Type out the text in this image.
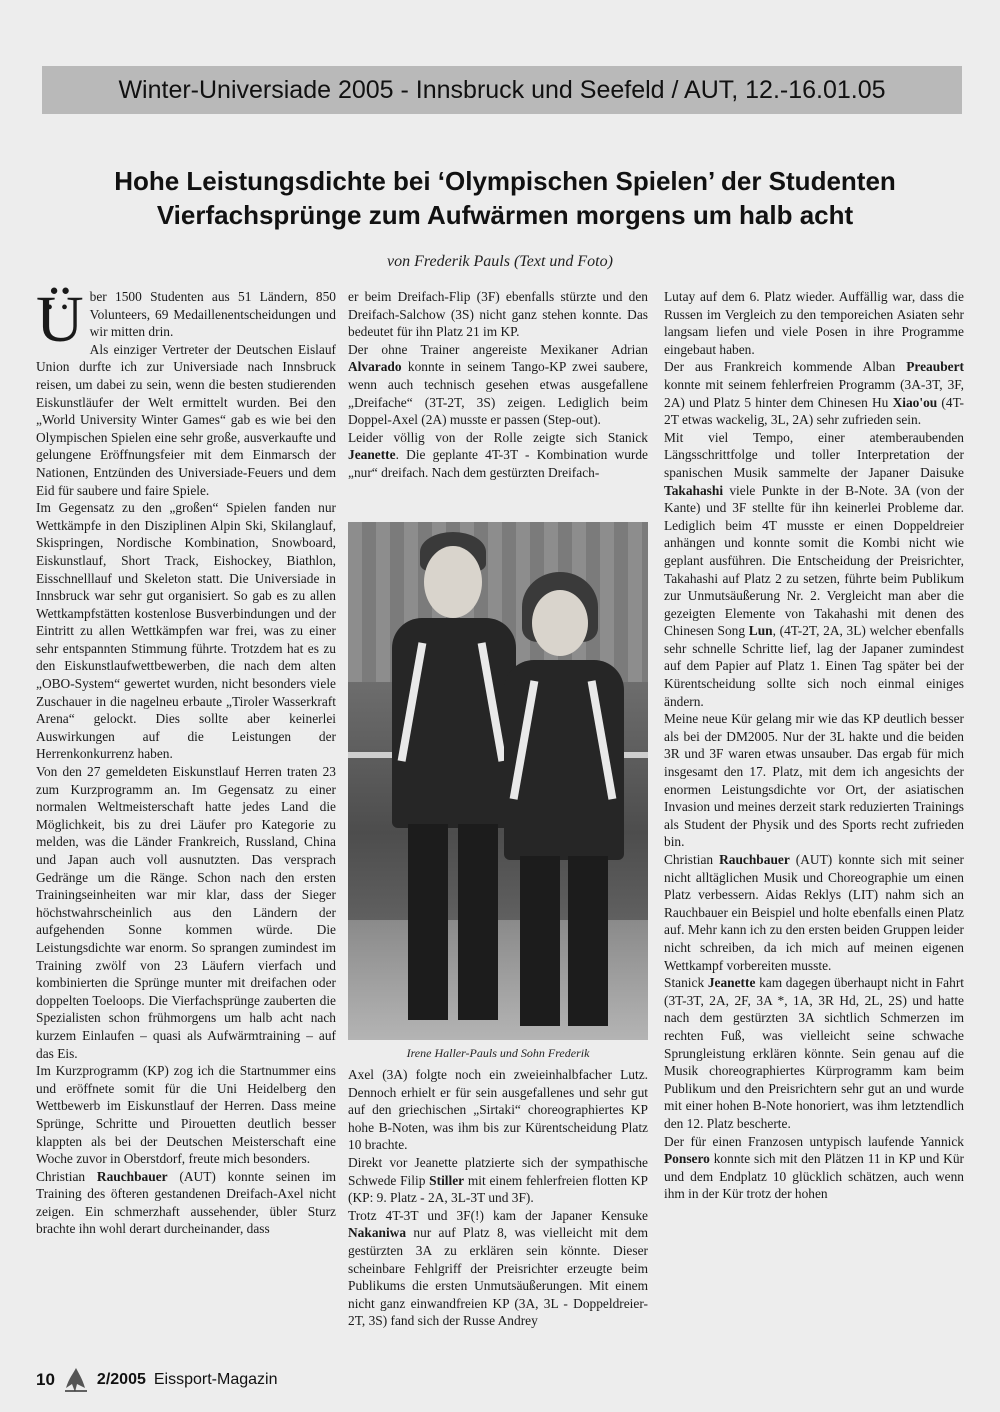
Winter-Universiade 2005 - Innsbruck und Seefeld / AUT, 12.-16.01.05
Hohe Leistungsdichte bei ‘Olympischen Spielen’ der Studenten
Vierfachsprünge zum Aufwärmen morgens um halb acht
von Frederik Pauls (Text und Foto)

• • Über 1500 Studenten aus 51 Ländern, 850 Volunteers, 69 Medaillenentscheidungen und wir mitten drin.

Als einziger Vertreter der Deutschen Eislauf Union durfte ich zur Universiade nach Innsbruck reisen, um dabei zu sein, wenn die besten studierenden Eiskunstläufer der Welt ermittelt wurden. Bei den „World University Winter Games“ gab es wie bei den Olympischen Spielen eine sehr große, ausverkaufte und gelungene Eröffnungsfeier mit dem Einmarsch der Nationen, Entzünden des Universiade-Feuers und dem Eid für saubere und faire Spiele.

Im Gegensatz zu den „großen“ Spielen fanden nur Wettkämpfe in den Disziplinen Alpin Ski, Skilanglauf, Skispringen, Nordische Kombination, Snowboard, Eiskunstlauf, Short Track, Eishockey, Biathlon, Eisschnelllauf und Skeleton statt. Die Universiade in Innsbruck war sehr gut organisiert. So gab es zu allen Wettkampfstätten kostenlose Busverbindungen und der Eintritt zu allen Wettkämpfen war frei, was zu einer sehr entspannten Stimmung führte. Trotzdem hat es zu den Eiskunstlaufwettbewerben, die nach dem alten „OBO-System“ gewertet wurden, nicht besonders viele Zuschauer in die nagelneu erbaute „Tiroler Wasserkraft Arena“ gelockt. Dies sollte aber keinerlei Auswirkungen auf die Leistungen der Herrenkonkurrenz haben.

Von den 27 gemeldeten Eiskunstlauf Herren traten 23 zum Kurzprogramm an. Im Gegensatz zu einer normalen Weltmeisterschaft hatte jedes Land die Möglichkeit, bis zu drei Läufer pro Kategorie zu melden, was die Länder Frankreich, Russland, China und Japan auch voll ausnutzten. Das versprach Gedränge um die Ränge. Schon nach den ersten Trainingseinheiten war mir klar, dass der Sieger höchstwahrscheinlich aus den Ländern der aufgehenden Sonne kommen würde. Die Leistungsdichte war enorm. So sprangen zumindest im Training zwölf von 23 Läufern vierfach und kombinierten die Sprünge munter mit dreifachen oder doppelten Toeloops. Die Vierfachsprünge zauberten die Spezialisten schon frühmorgens um halb acht nach kurzem Einlaufen – quasi als Aufwärmtraining – auf das Eis.

Im Kurzprogramm (KP) zog ich die Startnummer eins und eröffnete somit für die Uni Heidelberg den Wettbewerb im Eiskunstlauf der Herren. Dass meine Sprünge, Schritte und Pirouetten deutlich besser klappten als bei der Deutschen Meisterschaft eine Woche zuvor in Oberstdorf, freute mich besonders.

Christian Rauchbauer (AUT) konnte seinen im Training des öfteren gestandenen Dreifach-Axel nicht zeigen. Ein schmerzhaft aussehender, übler Sturz brachte ihn wohl derart durcheinander, dass

er beim Dreifach-Flip (3F) ebenfalls stürzte und den Dreifach-Salchow (3S) nicht ganz stehen konnte. Das bedeutet für ihn Platz 21 im KP.

Der ohne Trainer angereiste Mexikaner Adrian Alvarado konnte in seinem Tango-KP zwei saubere, wenn auch technisch gesehen etwas ausgefallene „Dreifache“ (3T-2T, 3S) zeigen. Lediglich beim Doppel-Axel (2A) musste er passen (Step-out).

Leider völlig von der Rolle zeigte sich Stanick Jeanette. Die geplante 4T-3T - Kombination wurde „nur“ dreifach. Nach dem gestürzten Dreifach-

Irene Haller-Pauls und Sohn Frederik

Axel (3A) folgte noch ein zweieinhalbfacher Lutz. Dennoch erhielt er für sein ausgefallenes und sehr gut auf den griechischen „Sirtaki“ choreographiertes KP hohe B-Noten, was ihm bis zur Kürentscheidung Platz 10 brachte.

Direkt vor Jeanette platzierte sich der sympathische Schwede Filip Stiller mit einem fehlerfreien flotten KP (KP: 9. Platz - 2A, 3L-3T und 3F).

Trotz 4T-3T und 3F(!) kam der Japaner Kensuke Nakaniwa nur auf Platz 8, was vielleicht mit dem gestürzten 3A zu erklären sein könnte. Dieser scheinbare Fehlgriff der Preisrichter erzeugte beim Publikums die ersten Unmutsäußerungen. Mit einem nicht ganz einwandfreien KP (3A, 3L - Doppeldreier- 2T, 3S) fand sich der Russe Andrey

Lutay auf dem 6. Platz wieder. Auffällig war, dass die Russen im Vergleich zu den temporeichen Asiaten sehr langsam liefen und viele Posen in ihre Programme eingebaut haben.

Der aus Frankreich kommende Alban Preaubert konnte mit seinem fehlerfreien Programm (3A-3T, 3F, 2A) und Platz 5 hinter dem Chinesen Hu Xiao'ou (4T-2T etwas wackelig, 3L, 2A) sehr zufrieden sein.

Mit viel Tempo, einer atemberaubenden Längsschrittfolge und toller Interpretation der spanischen Musik sammelte der Japaner Daisuke Takahashi viele Punkte in der B-Note. 3A (von der Kante) und 3F stellte für ihn keinerlei Probleme dar. Lediglich beim 4T musste er einen Doppeldreier anhängen und konnte somit die Kombi nicht wie geplant ausführen. Die Entscheidung der Preisrichter, Takahashi auf Platz 2 zu setzen, führte beim Publikum zur Unmutsäußerung Nr. 2. Vergleicht man aber die gezeigten Elemente von Takahashi mit denen des Chinesen Song Lun, (4T-2T, 2A, 3L) welcher ebenfalls sehr schnelle Schritte lief, lag der Japaner zumindest auf dem Papier auf Platz 1. Einen Tag später bei der Kürentscheidung sollte sich noch einmal einiges ändern.

Meine neue Kür gelang mir wie das KP deutlich besser als bei der DM2005. Nur der 3L hakte und die beiden 3R und 3F waren etwas unsauber. Das ergab für mich insgesamt den 17. Platz, mit dem ich angesichts der enormen Leistungsdichte vor Ort, der asiatischen Invasion und meines derzeit stark reduzierten Trainings als Student der Physik und des Sports recht zufrieden bin.

Christian Rauchbauer (AUT) konnte sich mit seiner nicht alltäglichen Musik und Choreographie um einen Platz verbessern. Aidas Reklys (LIT) nahm sich an Rauchbauer ein Beispiel und holte ebenfalls einen Platz auf. Mehr kann ich zu den ersten beiden Gruppen leider nicht schreiben, da ich mich auf meinen eigenen Wettkampf vorbereiten musste.

Stanick Jeanette kam dagegen überhaupt nicht in Fahrt (3T-3T, 2A, 2F, 3A *, 1A, 3R Hd, 2L, 2S) und hatte nach dem gestürzten 3A sichtlich Schmerzen im rechten Fuß, was vielleicht seine schwache Sprungleistung erklären könnte. Sein genau auf die Musik choreographiertes Kürprogramm kam beim Publikum und den Preisrichtern sehr gut an und wurde mit einer hohen B-Note honoriert, was ihm letztendlich den 12. Platz bescherte.

Der für einen Franzosen untypisch laufende Yannick Ponsero konnte sich mit den Plätzen 11 in KP und Kür und dem Endplatz 10 glücklich schätzen, auch wenn ihm in der Kür trotz der hohen

10	2/2005 Eissport-Magazin
